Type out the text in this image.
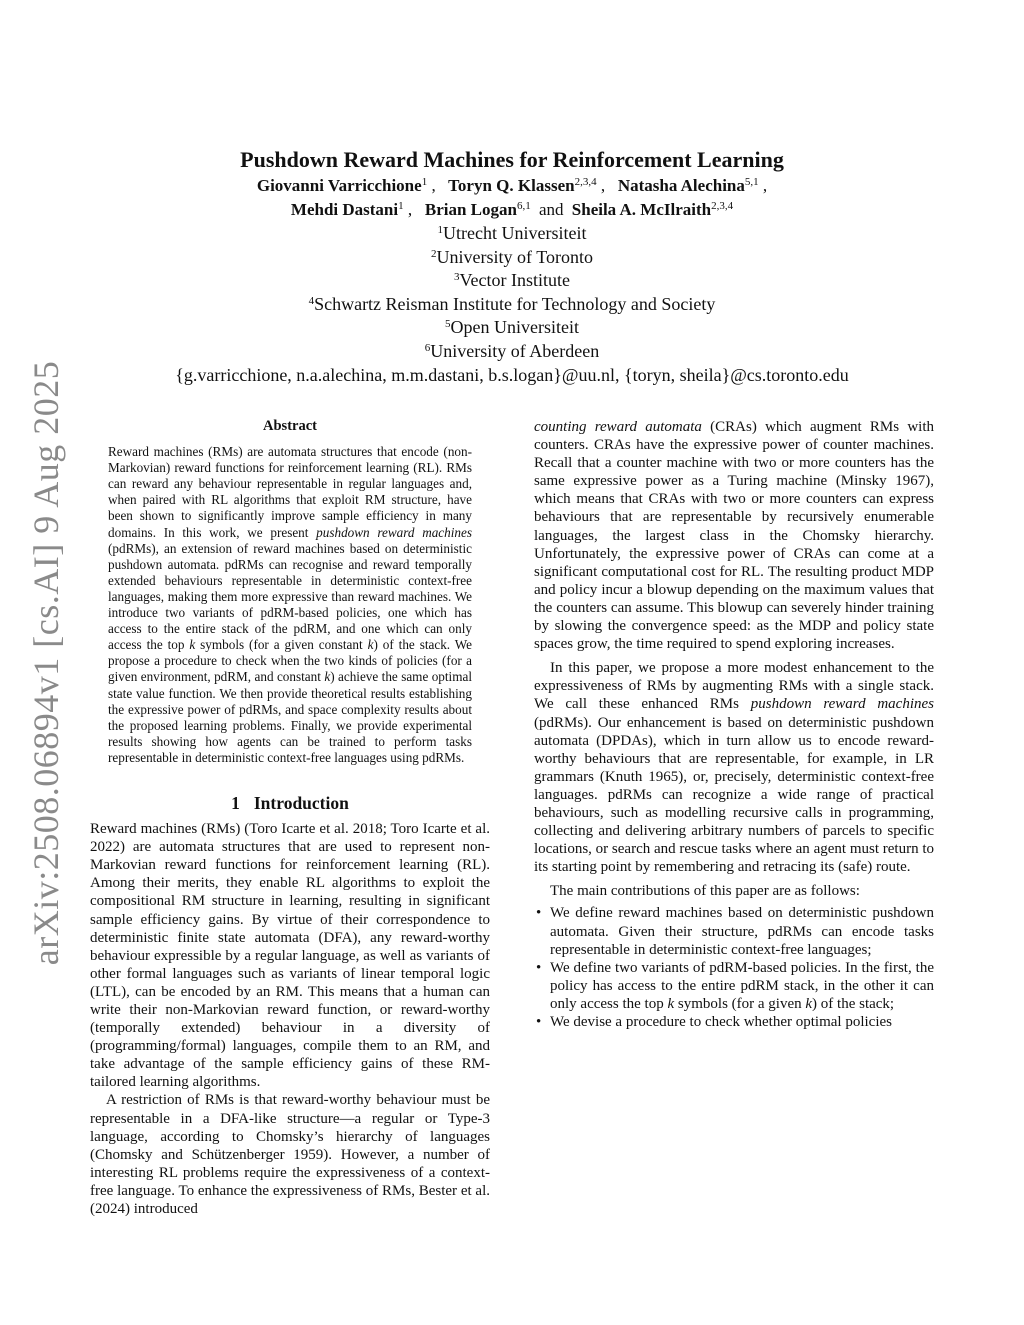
arXiv:2508.06894v1 [cs.AI] 9 Aug 2025
Pushdown Reward Machines for Reinforcement Learning
Giovanni Varricchione$^1$ ,   Toryn Q. Klassen$^{2,3,4}$ ,   Natasha Alechina$^{5,1}$ ,
Mehdi Dastani$^1$ ,   Brian Logan$^{6,1}$ and Sheila A. McIlraith$^{2,3,4}$
$^1$Utrecht Universiteit
$^2$University of Toronto
$^3$Vector Institute
$^4$Schwartz Reisman Institute for Technology and Society
$^5$Open Universiteit
$^6$University of Aberdeen
{g.varricchione, n.a.alechina, m.m.dastani, b.s.logan}@uu.nl, {toryn, sheila}@cs.toronto.edu
Abstract

Reward machines (RMs) are automata structures that encode (non-Markovian) reward functions for reinforcement learning (RL). RMs can reward any behaviour representable in regular languages and, when paired with RL algorithms that exploit RM structure, have been shown to significantly improve sample efficiency in many domains. In this work, we present pushdown reward machines (pdRMs), an extension of reward machines based on deterministic pushdown automata. pdRMs can recognise and reward temporally extended behaviours representable in deterministic context-free languages, making them more expressive than reward machines. We introduce two variants of pdRM-based policies, one which has access to the entire stack of the pdRM, and one which can only access the top k symbols (for a given constant k) of the stack. We propose a procedure to check when the two kinds of policies (for a given environment, pdRM, and constant k) achieve the same optimal state value function. We then provide theoretical results establishing the expressive power of pdRMs, and space complexity results about the proposed learning problems. Finally, we provide experimental results showing how agents can be trained to perform tasks representable in deterministic context-free languages using pdRMs.

1 Introduction

Reward machines (RMs) (Toro Icarte et al. 2018; Toro Icarte et al. 2022) are automata structures that are used to represent non-Markovian reward functions for reinforcement learning (RL). Among their merits, they enable RL algorithms to exploit the compositional RM structure in learning, resulting in significant sample efficiency gains. By virtue of their correspondence to deterministic finite state automata (DFA), any reward-worthy behaviour expressible by a regular language, as well as variants of other formal languages such as variants of linear temporal logic (LTL), can be encoded by an RM. This means that a human can write their non-Markovian reward function, or reward-worthy (temporally extended) behaviour in a diversity of (programming/formal) languages, compile them to an RM, and take advantage of the sample efficiency gains of these RM-tailored learning algorithms.

A restriction of RMs is that reward-worthy behaviour must be representable in a DFA-like structure—a regular or Type-3 language, according to Chomsky’s hierarchy of languages (Chomsky and Schützenberger 1959). However, a number of interesting RL problems require the expressiveness of a context-free language. To enhance the expressiveness of RMs, Bester et al. (2024) introduced

counting reward automata (CRAs) which augment RMs with counters. CRAs have the expressive power of counter machines. Recall that a counter machine with two or more counters has the same expressive power as a Turing machine (Minsky 1967), which means that CRAs with two or more counters can express behaviours that are representable by recursively enumerable languages, the largest class in the Chomsky hierarchy. Unfortunately, the expressive power of CRAs can come at a significant computational cost for RL. The resulting product MDP and policy incur a blowup depending on the maximum values that the counters can assume. This blowup can severely hinder training by slowing the convergence speed: as the MDP and policy state spaces grow, the time required to spend exploring increases.

In this paper, we propose a more modest enhancement to the expressiveness of RMs by augmenting RMs with a single stack. We call these enhanced RMs pushdown reward machines (pdRMs). Our enhancement is based on deterministic pushdown automata (DPDAs), which in turn allow us to encode reward-worthy behaviours that are representable, for example, in LR grammars (Knuth 1965), or, precisely, deterministic context-free languages. pdRMs can recognize a wide range of practical behaviours, such as modelling recursive calls in programming, collecting and delivering arbitrary numbers of parcels to specific locations, or search and rescue tasks where an agent must return to its starting point by remembering and retracing its (safe) route.

The main contributions of this paper are as follows:

• We define reward machines based on deterministic pushdown automata. Given their structure, pdRMs can encode tasks representable in deterministic context-free languages;
• We define two variants of pdRM-based policies. In the first, the policy has access to the entire pdRM stack, in the other it can only access the top k symbols (for a given k) of the stack;
• We devise a procedure to check whether optimal policies
